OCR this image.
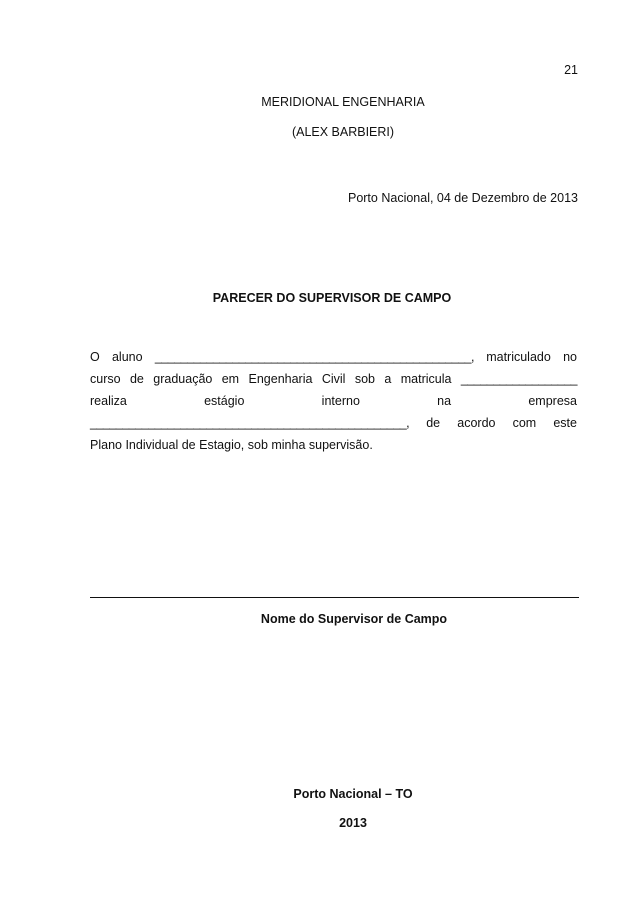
21
MERIDIONAL ENGENHARIA
(ALEX BARBIERI)
Porto Nacional, 04 de Dezembro de 2013
PARECER DO SUPERVISOR DE CAMPO
O aluno _________________________________________________, matriculado no
curso de graduação em Engenharia Civil sob a matricula __________________
realiza	estágio	interno	na	empresa
_________________________________________________, de acordo com este
Plano Individual de Estagio, sob minha supervisão.
Nome do Supervisor de Campo
Porto Nacional – TO
2013
